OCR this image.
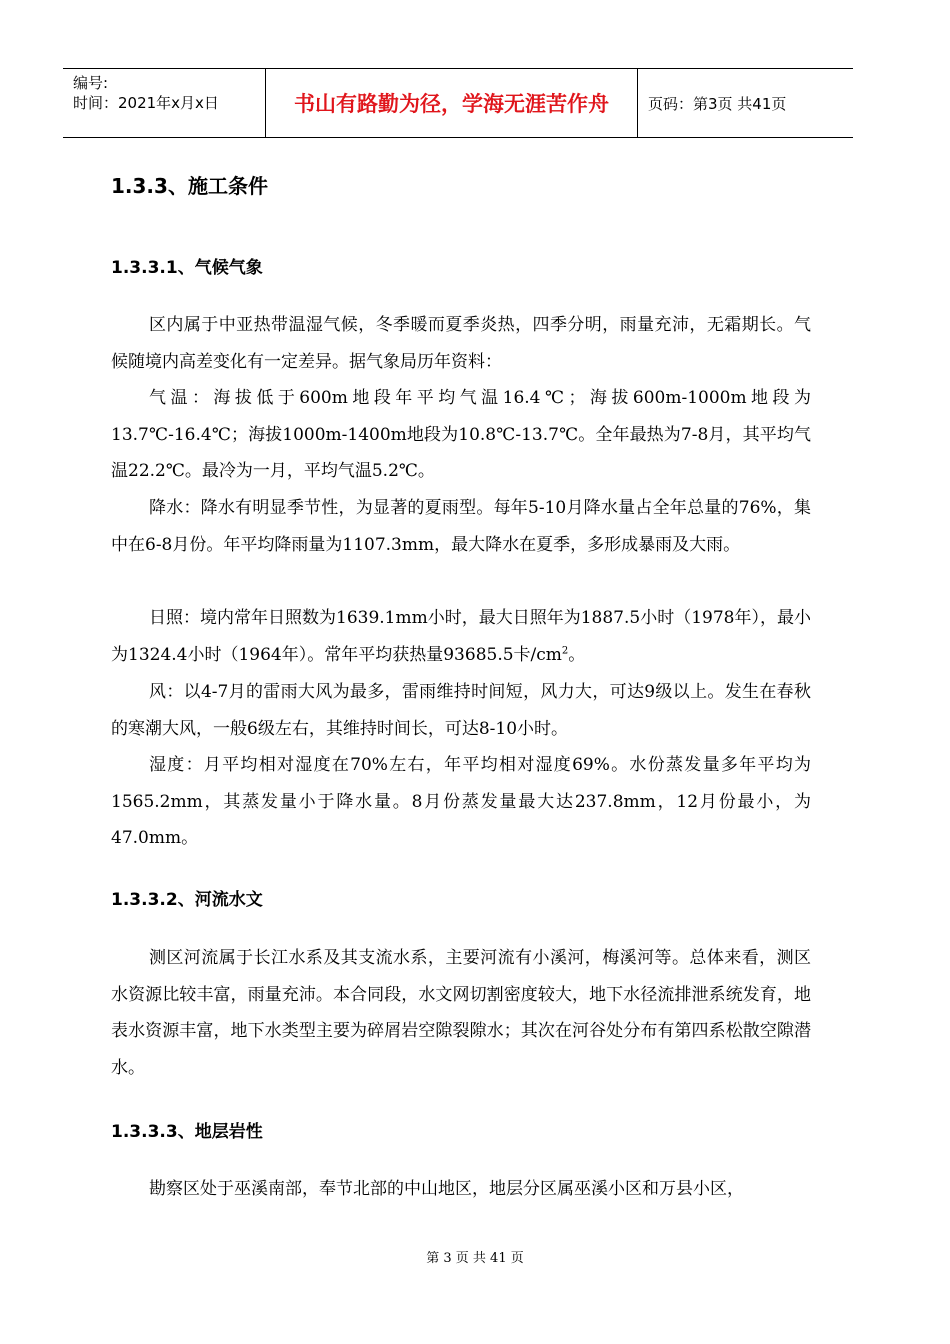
编号:
时间：2021年x月x日	书山有路勤为径，学海无涯苦作舟	页码：第3页 共41页
1.3.3、施工条件
1.3.3.1、气候气象

区内属于中亚热带温湿气候，冬季暖而夏季炎热，四季分明，雨量充沛，无霜期长。气候随境内高差变化有一定差异。据气象局历年资料：

气温：海拔低于600m地段年平均气温16.4℃；海拔600m-1000m地段为13.7℃-16.4℃；海拔1000m-1400m地段为10.8℃-13.7℃。全年最热为7-8月，其平均气温22.2℃。最冷为一月，平均气温5.2℃。

降水：降水有明显季节性，为显著的夏雨型。每年5-10月降水量占全年总量的76%，集中在6-8月份。年平均降雨量为1107.3mm，最大降水在夏季，多形成暴雨及大雨。

日照：境内常年日照数为1639.1mm小时，最大日照年为1887.5小时（1978年），最小为1324.4小时（1964年）。常年平均获热量93685.5卡$/cm^2$。

风：以4-7月的雷雨大风为最多，雷雨维持时间短，风力大，可达9级以上。发生在春秋的寒潮大风，一般6级左右，其维持时间长，可达8-10小时。

湿度：月平均相对湿度在70%左右，年平均相对湿度69%。水份蒸发量多年平均为1565.2mm，其蒸发量小于降水量。8月份蒸发量最大达237.8mm，12月份最小，为47.0mm。

1.3.3.2、河流水文

测区河流属于长江水系及其支流水系，主要河流有小溪河，梅溪河等。总体来看，测区水资源比较丰富，雨量充沛。本合同段，水文网切割密度较大，地下水径流排泄系统发育，地表水资源丰富，地下水类型主要为碎屑岩空隙裂隙水；其次在河谷处分布有第四系松散空隙潜水。

1.3.3.3、地层岩性

勘察区处于巫溪南部，奉节北部的中山地区，地层分区属巫溪小区和万县小区，

第 3 页 共 41 页
